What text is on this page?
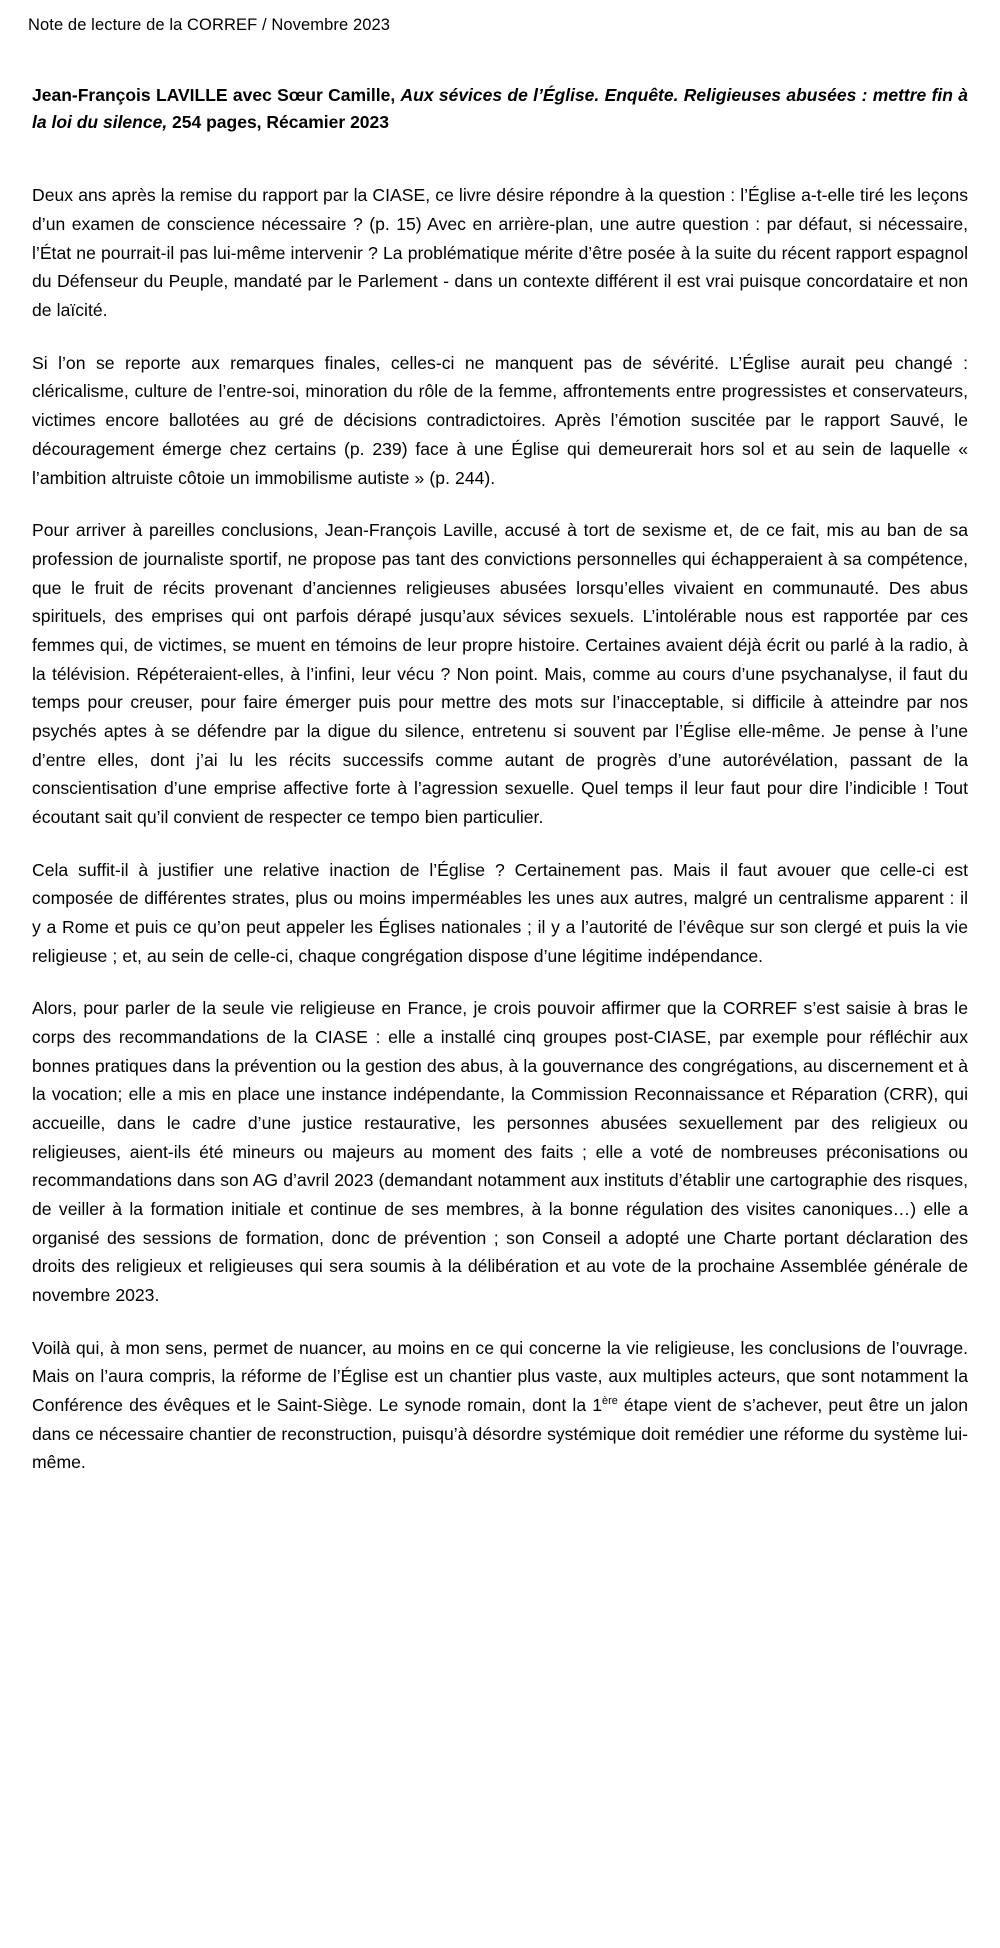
Note de lecture de la CORREF / Novembre 2023
Jean-François LAVILLE avec Sœur Camille, Aux sévices de l’Église. Enquête. Religieuses abusées : mettre fin à la loi du silence, 254 pages, Récamier 2023

Deux ans après la remise du rapport par la CIASE, ce livre désire répondre à la question : l’Église a-t-elle tiré les leçons d’un examen de conscience nécessaire ? (p. 15) Avec en arrière-plan, une autre question : par défaut, si nécessaire, l’État ne pourrait-il pas lui-même intervenir ? La problématique mérite d’être posée à la suite du récent rapport espagnol du Défenseur du Peuple, mandaté par le Parlement - dans un contexte différent il est vrai puisque concordataire et non de laïcité.

Si l’on se reporte aux remarques finales, celles-ci ne manquent pas de sévérité. L’Église aurait peu changé : cléricalisme, culture de l’entre-soi, minoration du rôle de la femme, affrontements entre progressistes et conservateurs, victimes encore ballotées au gré de décisions contradictoires. Après l’émotion suscitée par le rapport Sauvé, le découragement émerge chez certains (p. 239) face à une Église qui demeurerait hors sol et au sein de laquelle « l’ambition altruiste côtoie un immobilisme autiste » (p. 244).

Pour arriver à pareilles conclusions, Jean-François Laville, accusé à tort de sexisme et, de ce fait, mis au ban de sa profession de journaliste sportif, ne propose pas tant des convictions personnelles qui échapperaient à sa compétence, que le fruit de récits provenant d’anciennes religieuses abusées lorsqu’elles vivaient en communauté. Des abus spirituels, des emprises qui ont parfois dérapé jusqu’aux sévices sexuels. L’intolérable nous est rapportée par ces femmes qui, de victimes, se muent en témoins de leur propre histoire. Certaines avaient déjà écrit ou parlé à la radio, à la télévision. Répéteraient-elles, à l’infini, leur vécu ? Non point. Mais, comme au cours d’une psychanalyse, il faut du temps pour creuser, pour faire émerger puis pour mettre des mots sur l’inacceptable, si difficile à atteindre par nos psychés aptes à se défendre par la digue du silence, entretenu si souvent par l’Église elle-même. Je pense à l’une d’entre elles, dont j’ai lu les récits successifs comme autant de progrès d’une autorévélation, passant de la conscientisation d’une emprise affective forte à l’agression sexuelle. Quel temps il leur faut pour dire l’indicible ! Tout écoutant sait qu’il convient de respecter ce tempo bien particulier.

Cela suffit-il à justifier une relative inaction de l’Église ? Certainement pas. Mais il faut avouer que celle-ci est composée de différentes strates, plus ou moins imperméables les unes aux autres, malgré un centralisme apparent : il y a Rome et puis ce qu’on peut appeler les Églises nationales ; il y a l’autorité de l’évêque sur son clergé et puis la vie religieuse ; et, au sein de celle-ci, chaque congrégation dispose d’une légitime indépendance.

Alors, pour parler de la seule vie religieuse en France, je crois pouvoir affirmer que la CORREF s’est saisie à bras le corps des recommandations de la CIASE : elle a installé cinq groupes post-CIASE, par exemple pour réfléchir aux bonnes pratiques dans la prévention ou la gestion des abus, à la gouvernance des congrégations, au discernement et à la vocation; elle a mis en place une instance indépendante, la Commission Reconnaissance et Réparation (CRR), qui accueille, dans le cadre d’une justice restaurative, les personnes abusées sexuellement par des religieux ou religieuses, aient-ils été mineurs ou majeurs au moment des faits ; elle a voté de nombreuses préconisations ou recommandations dans son AG d’avril 2023 (demandant notamment aux instituts d’établir une cartographie des risques, de veiller à la formation initiale et continue de ses membres, à la bonne régulation des visites canoniques…) elle a organisé des sessions de formation, donc de prévention ; son Conseil a adopté une Charte portant déclaration des droits des religieux et religieuses qui sera soumis à la délibération et au vote de la prochaine Assemblée générale de novembre 2023.

Voilà qui, à mon sens, permet de nuancer, au moins en ce qui concerne la vie religieuse, les conclusions de l’ouvrage. Mais on l’aura compris, la réforme de l’Église est un chantier plus vaste, aux multiples acteurs, que sont notamment la Conférence des évêques et le Saint-Siège. Le synode romain, dont la 1ère étape vient de s’achever, peut être un jalon dans ce nécessaire chantier de reconstruction, puisqu’à désordre systémique doit remédier une réforme du système lui-même.
